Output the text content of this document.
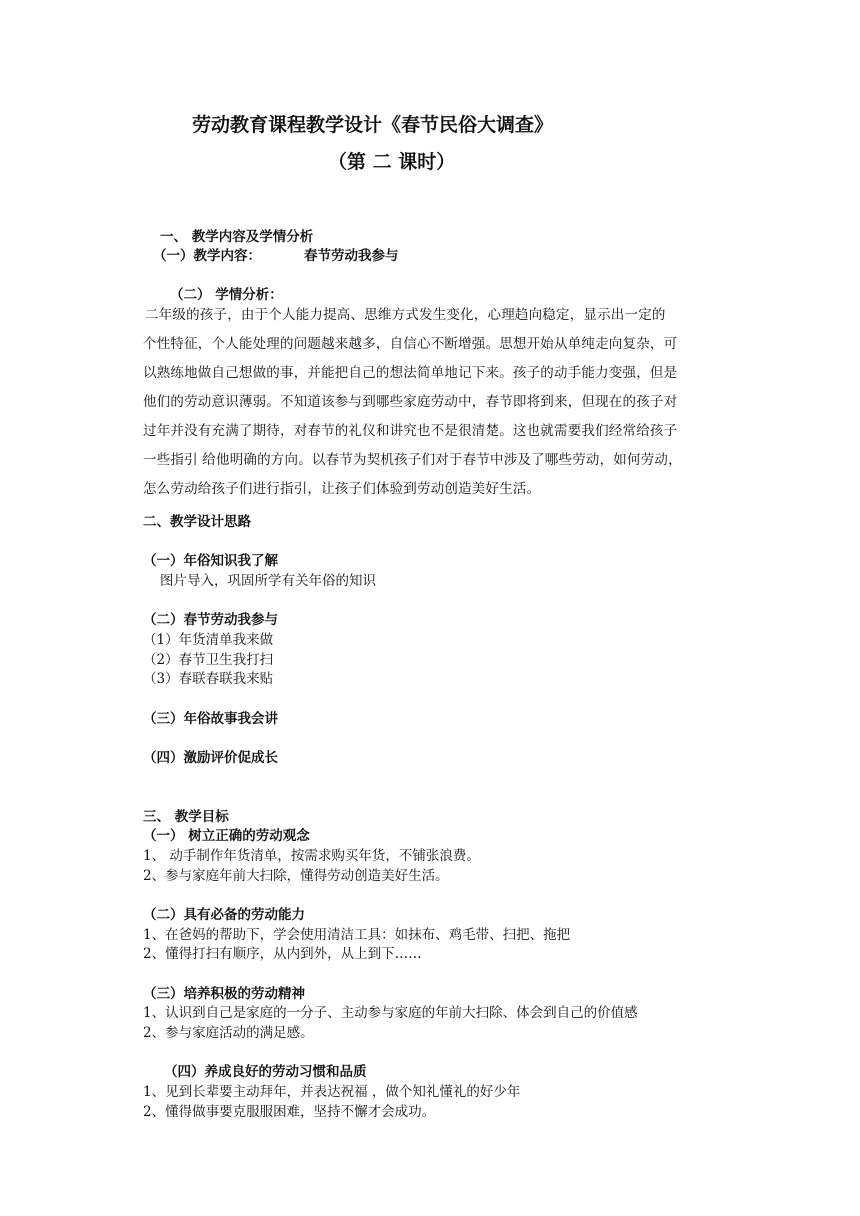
劳动教育课程教学设计《春节民俗大调查》
（第 二 课时）
一、 教学内容及学情分析
（一）教学内容：	春节劳动我参与
（二） 学情分析：
二年级的孩子，由于个人能力提高、思维方式发生变化，心理趋向稳定，显示出一定的
个性特征，个人能处理的问题越来越多，自信心不断增强。思想开始从单纯走向复杂，可
以熟练地做自己想做的事，并能把自己的想法简单地记下来。孩子的动手能力变强，但是
他们的劳动意识薄弱。不知道该参与到哪些家庭劳动中，春节即将到来，但现在的孩子对
过年并没有充满了期待，对春节的礼仪和讲究也不是很清楚。这也就需要我们经常给孩子
一些指引 给他明确的方向。以春节为契机孩子们对于春节中涉及了哪些劳动，如何劳动，
怎么劳动给孩子们进行指引，让孩子们体验到劳动创造美好生活。
二、教学设计思路
（一）年俗知识我了解
图片导入，巩固所学有关年俗的知识
（二）春节劳动我参与
（1）年货清单我来做
（2）春节卫生我打扫
（3）春联春联我来贴
（三）年俗故事我会讲
（四）激励评价促成长
三、 教学目标
（一） 树立正确的劳动观念
1、 动手制作年货清单，按需求购买年货，不铺张浪费。
2、参与家庭年前大扫除，懂得劳动创造美好生活。
（二）具有必备的劳动能力
1、在爸妈的帮助下，学会使用清洁工具：如抹布、鸡毛带、扫把、拖把
2、懂得打扫有顺序，从内到外，从上到下……
（三）培养积极的劳动精神
1、认识到自己是家庭的一分子、主动参与家庭的年前大扫除、体会到自己的价值感
2、参与家庭活动的满足感。
（四）养成良好的劳动习惯和品质
1、见到长辈要主动拜年，并表达祝福 ，做个知礼懂礼的好少年
2、懂得做事要克服服困难，坚持不懈才会成功。
